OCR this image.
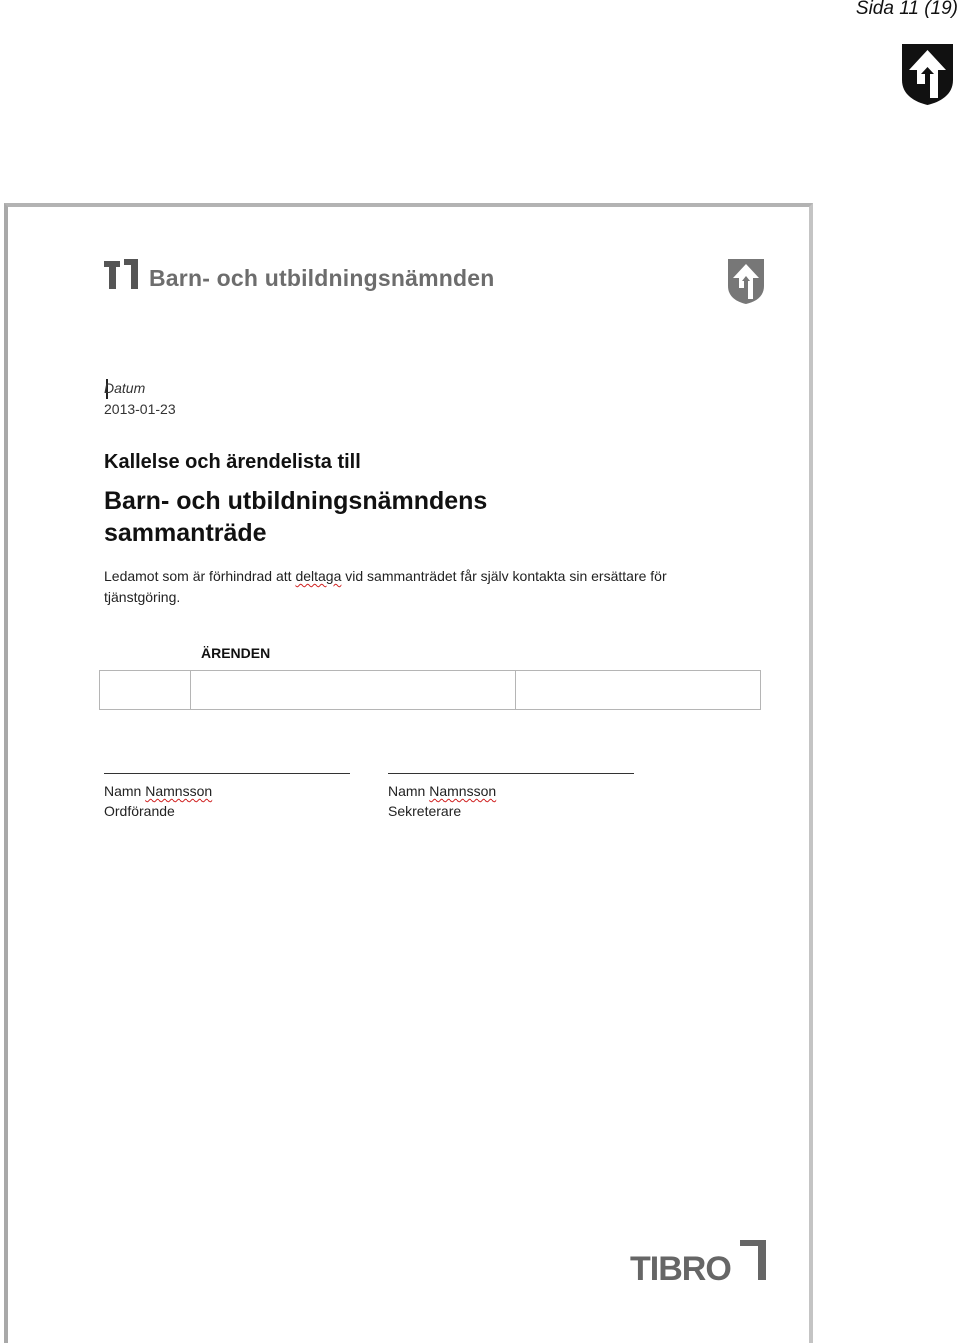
Sida 11 (19)
Barn- och utbildningsnämnden
Datum
2013-01-23
Kallelse och ärendelista till
Barn- och utbildningsnämndens sammanträde
Ledamot som är förhindrad att deltaga vid sammanträdet får själv kontakta sin ersättare för tjänstgöring.
ÄRENDEN
Namn Namnsson
Ordförande
Namn Namnsson
Sekreterare
TIBRO
